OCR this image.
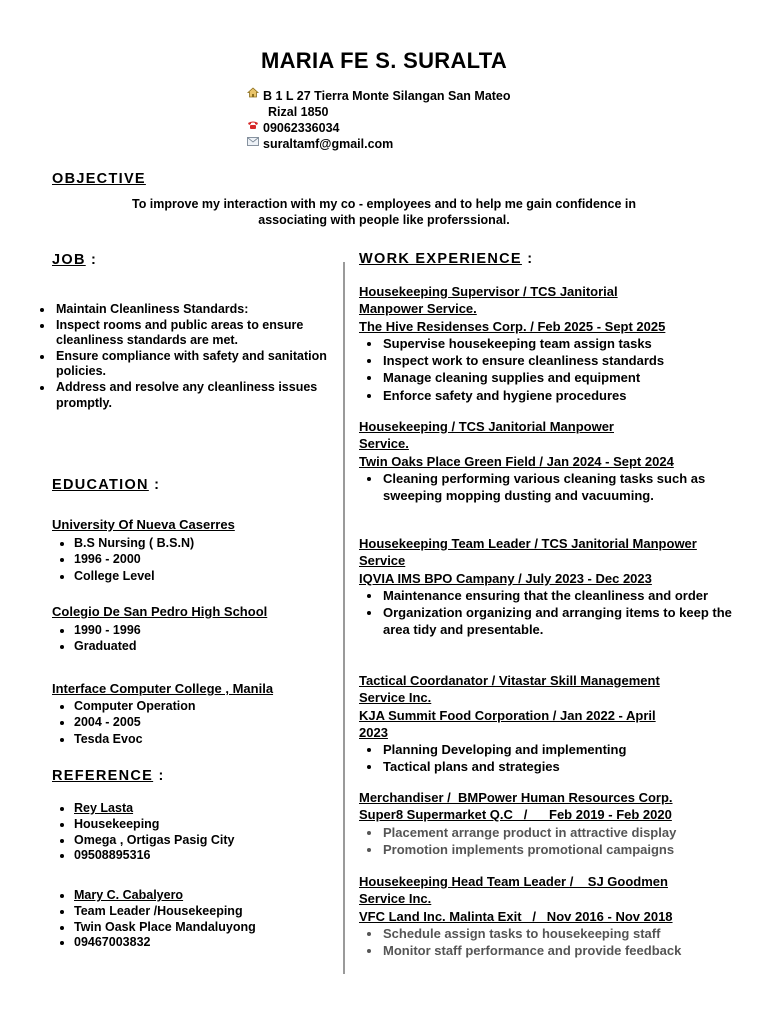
MARIA FE S. SURALTA
B 1 L 27 Tierra Monte Silangan San Mateo
Rizal 1850
09062336034
suraltamf@gmail.com
OBJECTIVE
To improve my interaction with my co - employees and to help me gain confidence in
associating with people like proferssional.
JOB :
• Maintain Cleanliness Standards:
• Inspect rooms and public areas to ensure cleanliness standards are met.
• Ensure compliance with safety and sanitation policies.
• Address and resolve any cleanliness issues promptly.
EDUCATION :
University Of Nueva Caserres
• B.S Nursing ( B.S.N)
• 1996 - 2000
• College Level
Colegio De San Pedro High School
• 1990 - 1996
• Graduated
Interface Computer College , Manila
• Computer Operation
• 2004 - 2005
• Tesda Evoc
REFERENCE :
• Rey Lasta
• Housekeeping
• Omega , Ortigas Pasig City
• 09508895316
• Mary C. Cabalyero
• Team Leader /Housekeeping
• Twin Oask Place Mandaluyong
• 09467003832
WORK EXPERIENCE :
Housekeeping Supervisor / TCS Janitorial
Manpower Service.
The Hive Residenses Corp. / Feb 2025 - Sept 2025
• Supervise housekeeping team assign tasks
• Inspect work to ensure cleanliness standards
• Manage cleaning supplies and equipment
• Enforce safety and hygiene procedures
Housekeeping / TCS Janitorial Manpower
Service.
Twin Oaks Place Green Field / Jan 2024 - Sept 2024
• Cleaning performing various cleaning tasks such as sweeping mopping dusting and vacuuming.
Housekeeping Team Leader / TCS Janitorial Manpower
Service
IQVIA IMS BPO Campany / July 2023 - Dec 2023
• Maintenance ensuring that the cleanliness and order
• Organization organizing and arranging items to keep the area tidy and presentable.
Tactical Coordanator / Vitastar Skill Management
Service Inc.
KJA Summit Food Corporation / Jan 2022 - April
2023
• Planning Developing and implementing
• Tactical plans and strategies
Merchandiser /  BMPower Human Resources Corp.
Super8 Supermarket Q.C   /      Feb 2019 - Feb 2020
• Placement arrange product in attractive display
• Promotion implements promotional campaigns
Housekeeping Head Team Leader /    SJ Goodmen
Service Inc.
VFC Land Inc. Malinta Exit   /   Nov 2016 - Nov 2018
• Schedule assign tasks to housekeeping staff
• Monitor staff performance and provide feedback
